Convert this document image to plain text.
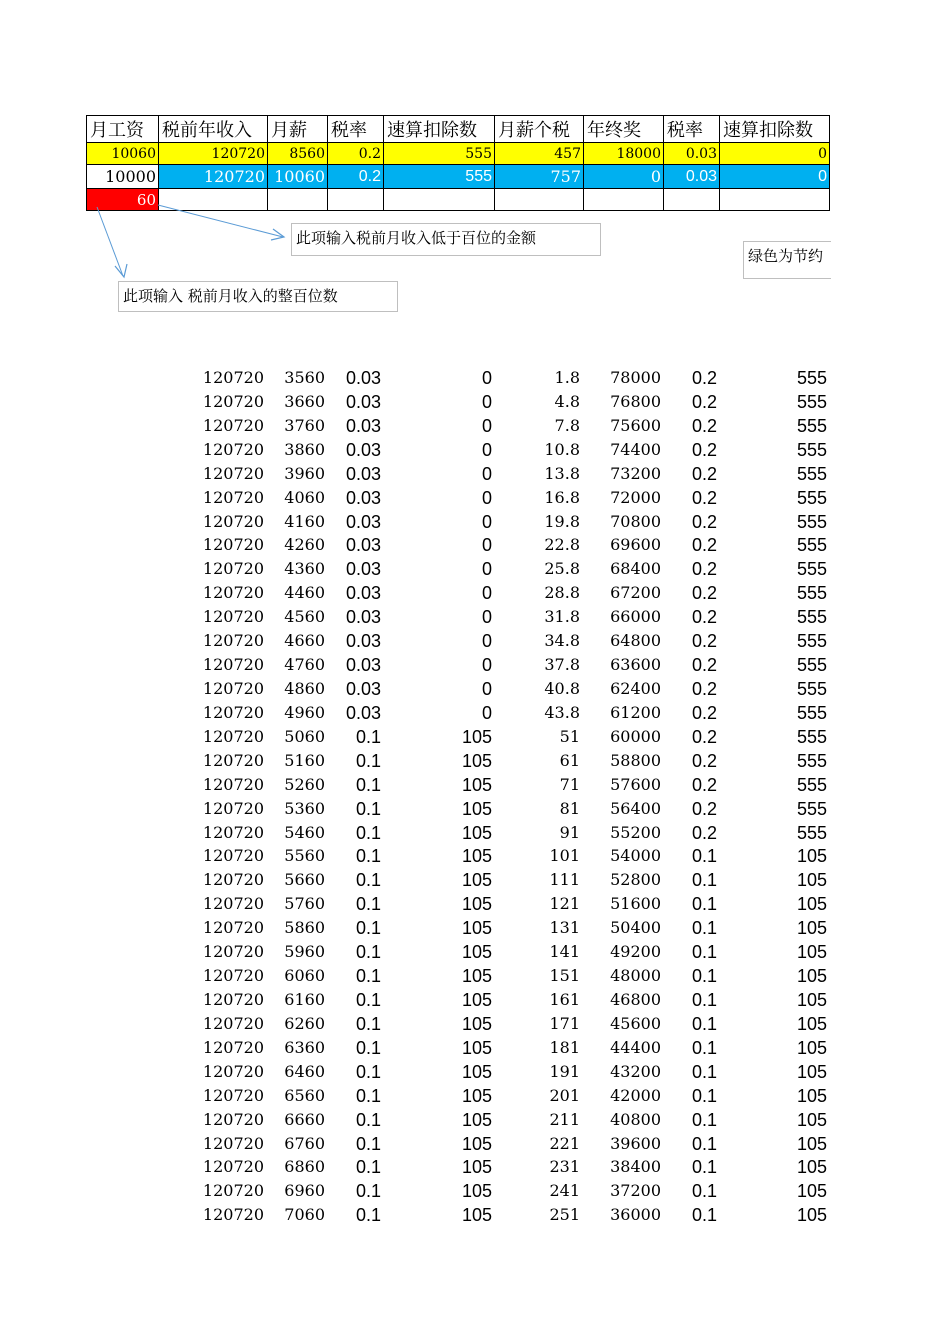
月工资	税前年收入	月薪	税率	速算扣除数	月薪个税	年终奖	税率	速算扣除数
10060	120720	8560	0.2	555	457	18000	0.03	0
10000	120720	10060	0.2	555	757	0	0.03	0
60								
此项输入税前月收入低于百位的金额
绿色为节约
此项输入 税前月收入的整百位数
120720	3560	0.03	0	1.8	78000	0.2	555
120720	3660	0.03	0	4.8	76800	0.2	555
120720	3760	0.03	0	7.8	75600	0.2	555
120720	3860	0.03	0	10.8	74400	0.2	555
120720	3960	0.03	0	13.8	73200	0.2	555
120720	4060	0.03	0	16.8	72000	0.2	555
120720	4160	0.03	0	19.8	70800	0.2	555
120720	4260	0.03	0	22.8	69600	0.2	555
120720	4360	0.03	0	25.8	68400	0.2	555
120720	4460	0.03	0	28.8	67200	0.2	555
120720	4560	0.03	0	31.8	66000	0.2	555
120720	4660	0.03	0	34.8	64800	0.2	555
120720	4760	0.03	0	37.8	63600	0.2	555
120720	4860	0.03	0	40.8	62400	0.2	555
120720	4960	0.03	0	43.8	61200	0.2	555
120720	5060	0.1	105	51	60000	0.2	555
120720	5160	0.1	105	61	58800	0.2	555
120720	5260	0.1	105	71	57600	0.2	555
120720	5360	0.1	105	81	56400	0.2	555
120720	5460	0.1	105	91	55200	0.2	555
120720	5560	0.1	105	101	54000	0.1	105
120720	5660	0.1	105	111	52800	0.1	105
120720	5760	0.1	105	121	51600	0.1	105
120720	5860	0.1	105	131	50400	0.1	105
120720	5960	0.1	105	141	49200	0.1	105
120720	6060	0.1	105	151	48000	0.1	105
120720	6160	0.1	105	161	46800	0.1	105
120720	6260	0.1	105	171	45600	0.1	105
120720	6360	0.1	105	181	44400	0.1	105
120720	6460	0.1	105	191	43200	0.1	105
120720	6560	0.1	105	201	42000	0.1	105
120720	6660	0.1	105	211	40800	0.1	105
120720	6760	0.1	105	221	39600	0.1	105
120720	6860	0.1	105	231	38400	0.1	105
120720	6960	0.1	105	241	37200	0.1	105
120720	7060	0.1	105	251	36000	0.1	105
